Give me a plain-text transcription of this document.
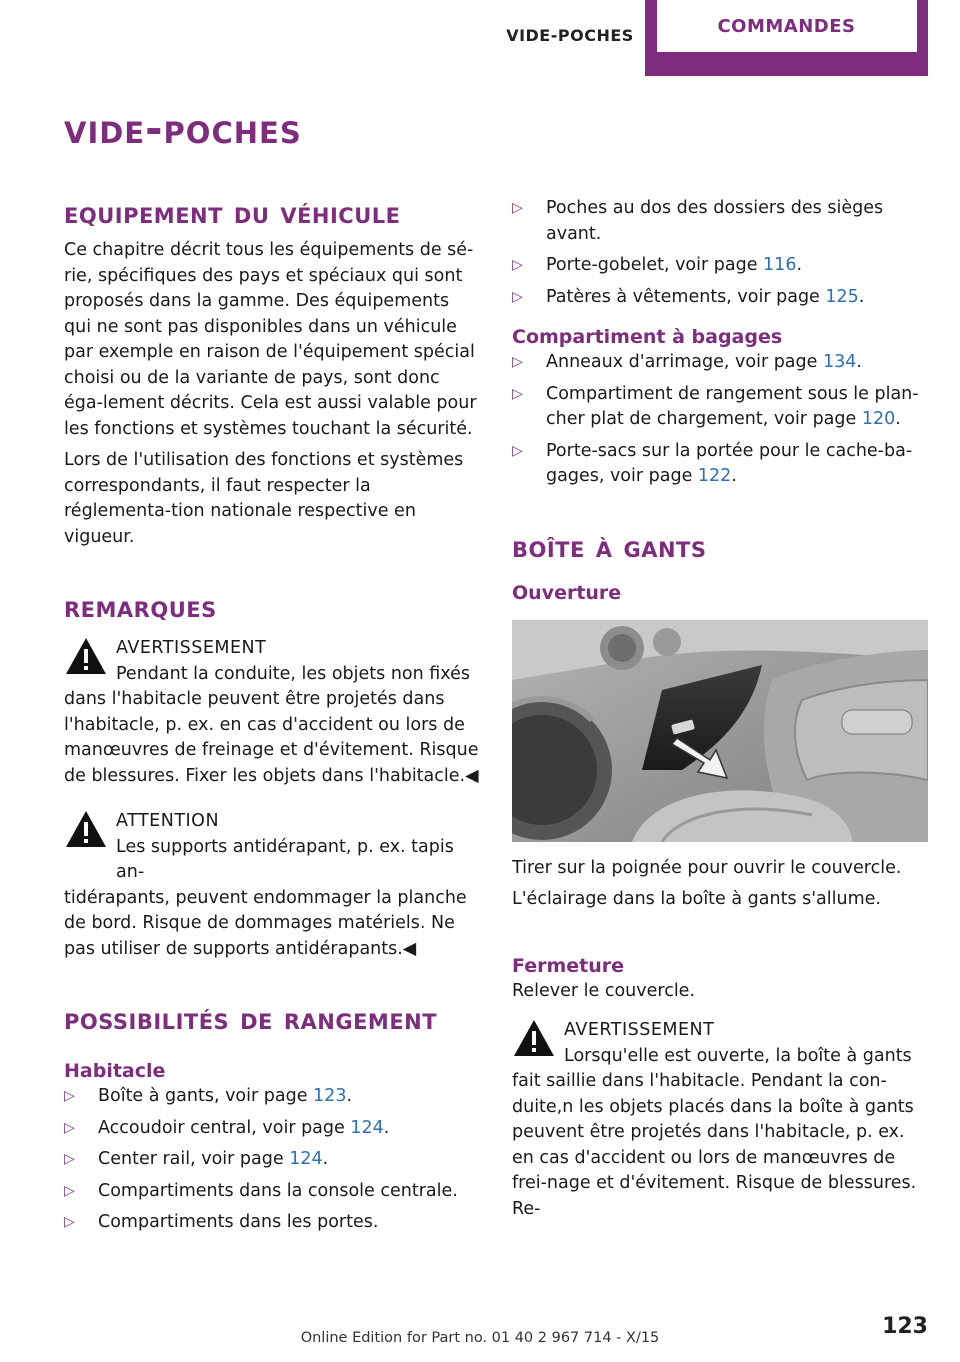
VIDE-POCHES	COMMANDES
vide-poches
equipement du véhicule

Ce chapitre décrit tous les équipements de sé‐rie, spécifiques des pays et spéciaux qui sont proposés dans la gamme. Des équipements qui ne sont pas disponibles dans un véhicule par exemple en raison de l'équipement spécial choisi ou de la variante de pays, sont donc éga‐lement décrits. Cela est aussi valable pour les fonctions et systèmes touchant la sécurité.

Lors de l'utilisation des fonctions et systèmes correspondants, il faut respecter la réglementa‐tion nationale respective en vigueur.

remarques

AVERTISSEMENT

Pendant la conduite, les objets non fixés

dans l'habitacle peuvent être projetés dans l'habitacle, p. ex. en cas d'accident ou lors de manœuvres de freinage et d'évitement. Risque de blessures. Fixer les objets dans l'habitacle.◀

ATTENTION

Les supports antidérapant, p. ex. tapis an‐

tidérapants, peuvent endommager la planche de bord. Risque de dommages matériels. Ne pas utiliser de supports antidérapants.◀

possibilités de rangement
Habitacle
▷ Boîte à gants, voir page 123.
▷ Accoudoir central, voir page 124.
▷ Center rail, voir page 124.
▷ Compartiments dans la console centrale.
▷ Compartiments dans les portes.
▷ Poches au dos des dossiers des sièges avant.
▷ Porte-gobelet, voir page 116.
▷ Patères à vêtements, voir page 125.
Compartiment à bagages
▷ Anneaux d'arrimage, voir page 134.
▷ Compartiment de rangement sous le plan‐cher plat de chargement, voir page 120.
▷ Porte-sacs sur la portée pour le cache-ba‐gages, voir page 122.
boîte à gants
Ouverture

Tirer sur la poignée pour ouvrir le couvercle.

L'éclairage dans la boîte à gants s'allume.

Fermeture

Relever le couvercle.

AVERTISSEMENT

Lorsqu'elle est ouverte, la boîte à gants

fait saillie dans l'habitacle. Pendant la con‐duite,n les objets placés dans la boîte à gants peuvent être projetés dans l'habitacle, p. ex. en cas d'accident ou lors de manœuvres de frei‐nage et d'évitement. Risque de blessures. Re‐

123
Online Edition for Part no. 01 40 2 967 714 - X/15
